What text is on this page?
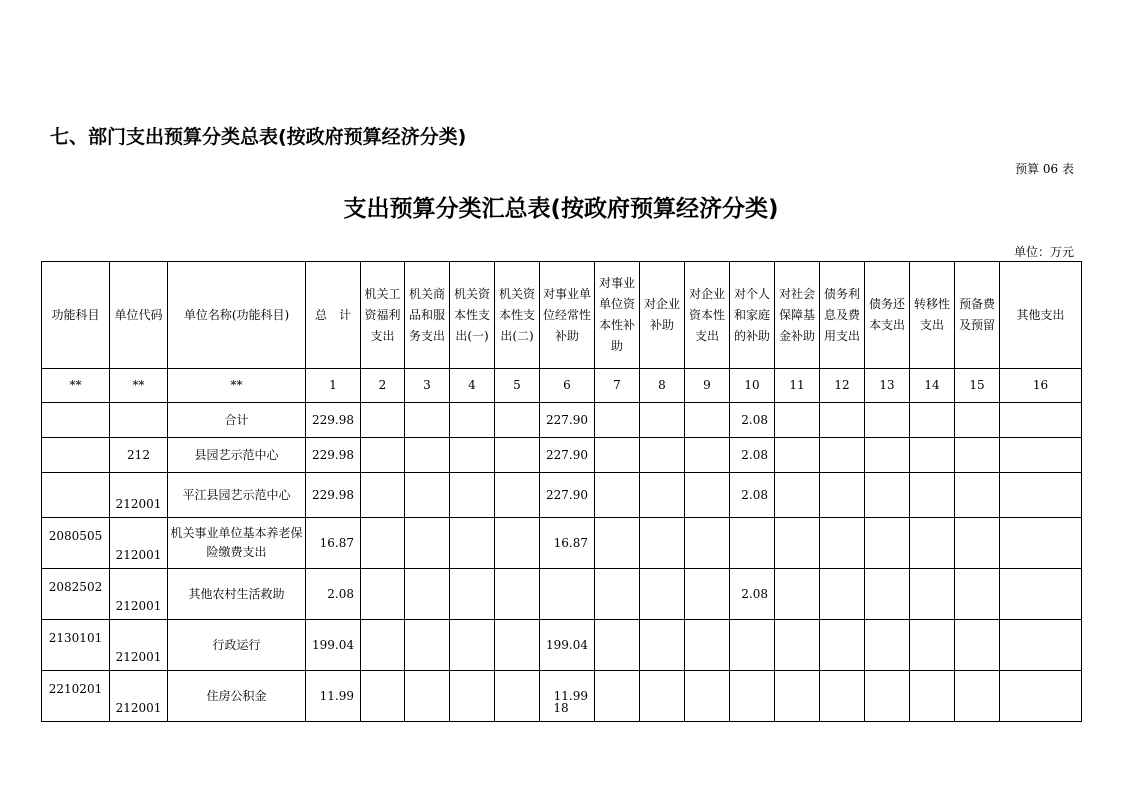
七、部门支出预算分类总表(按政府预算经济分类)
预算 06 表
支出预算分类汇总表(按政府预算经济分类)
单位：万元
功能科目	单位代码	单位名称(功能科目)	总　计	机关工资福利支出	机关商品和服务支出	机关资本性支出(一)	机关资本性支出(二)	对事业单位经常性补助	对事业单位资本性补助	对企业补助	对企业资本性支出	对个人和家庭的补助	对社会保障基金补助	债务利息及费用支出	债务还本支出	转移性支出	预备费及预留	其他支出
**	**	**	1	2	3	4	5	6	7	8	9	10	11	12	13	14	15	16
		合计	229.98					227.90				2.08						
	212	县园艺示范中心	229.98					227.90				2.08						
	212001	平江县园艺示范中心	229.98					227.90				2.08						
2080505	212001	机关事业单位基本养老保险缴费支出	16.87					16.87										
2082502	212001	其他农村生活救助	2.08									2.08						
2130101	212001	行政运行	199.04					199.04										
2210201	212001	住房公积金	11.99					11.99										
18
